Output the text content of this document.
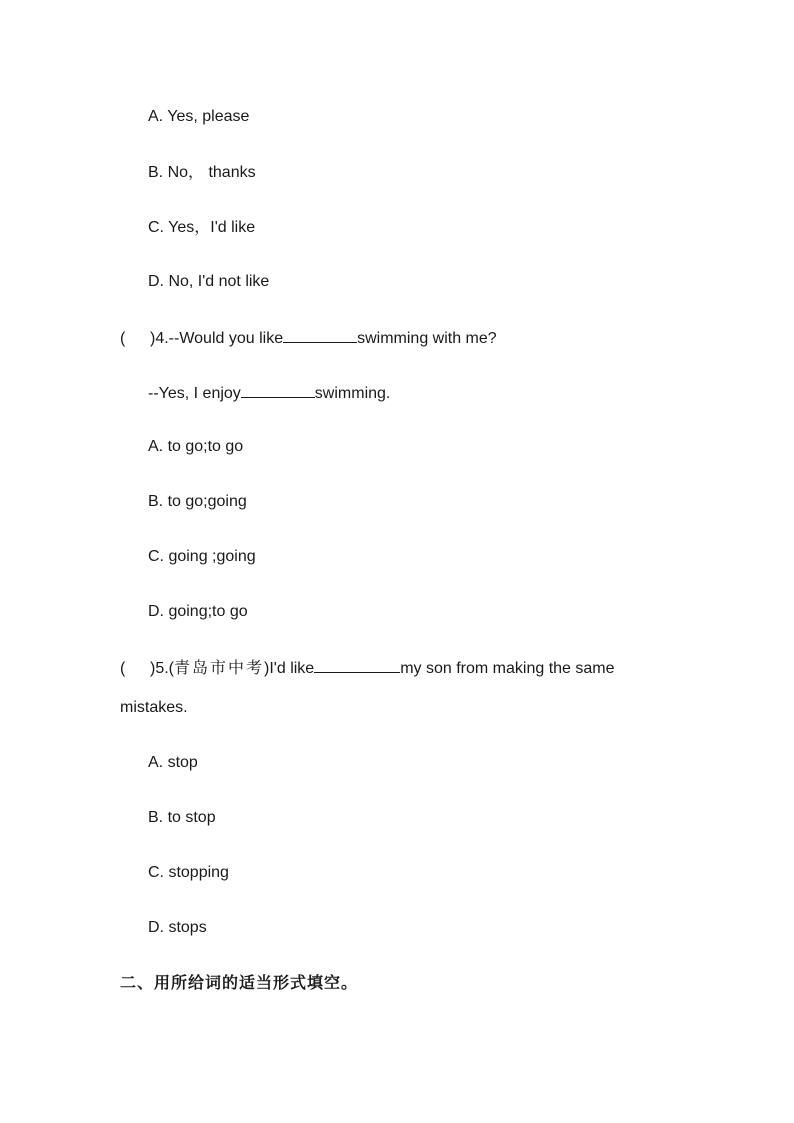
A. Yes, please
B. No， thanks
C. Yes，I'd like
D. No, I'd not like
( )4.--Would you like	swimming with me?
--Yes, I enjoy	swimming.
A. to go;to go
B. to go;going
C. going ;going
D. going;to go
( )5.(青岛市中考)I'd like	my son from making the same
mistakes.
A. stop
B. to stop
C. stopping
D. stops
二、用所给词的适当形式填空。
